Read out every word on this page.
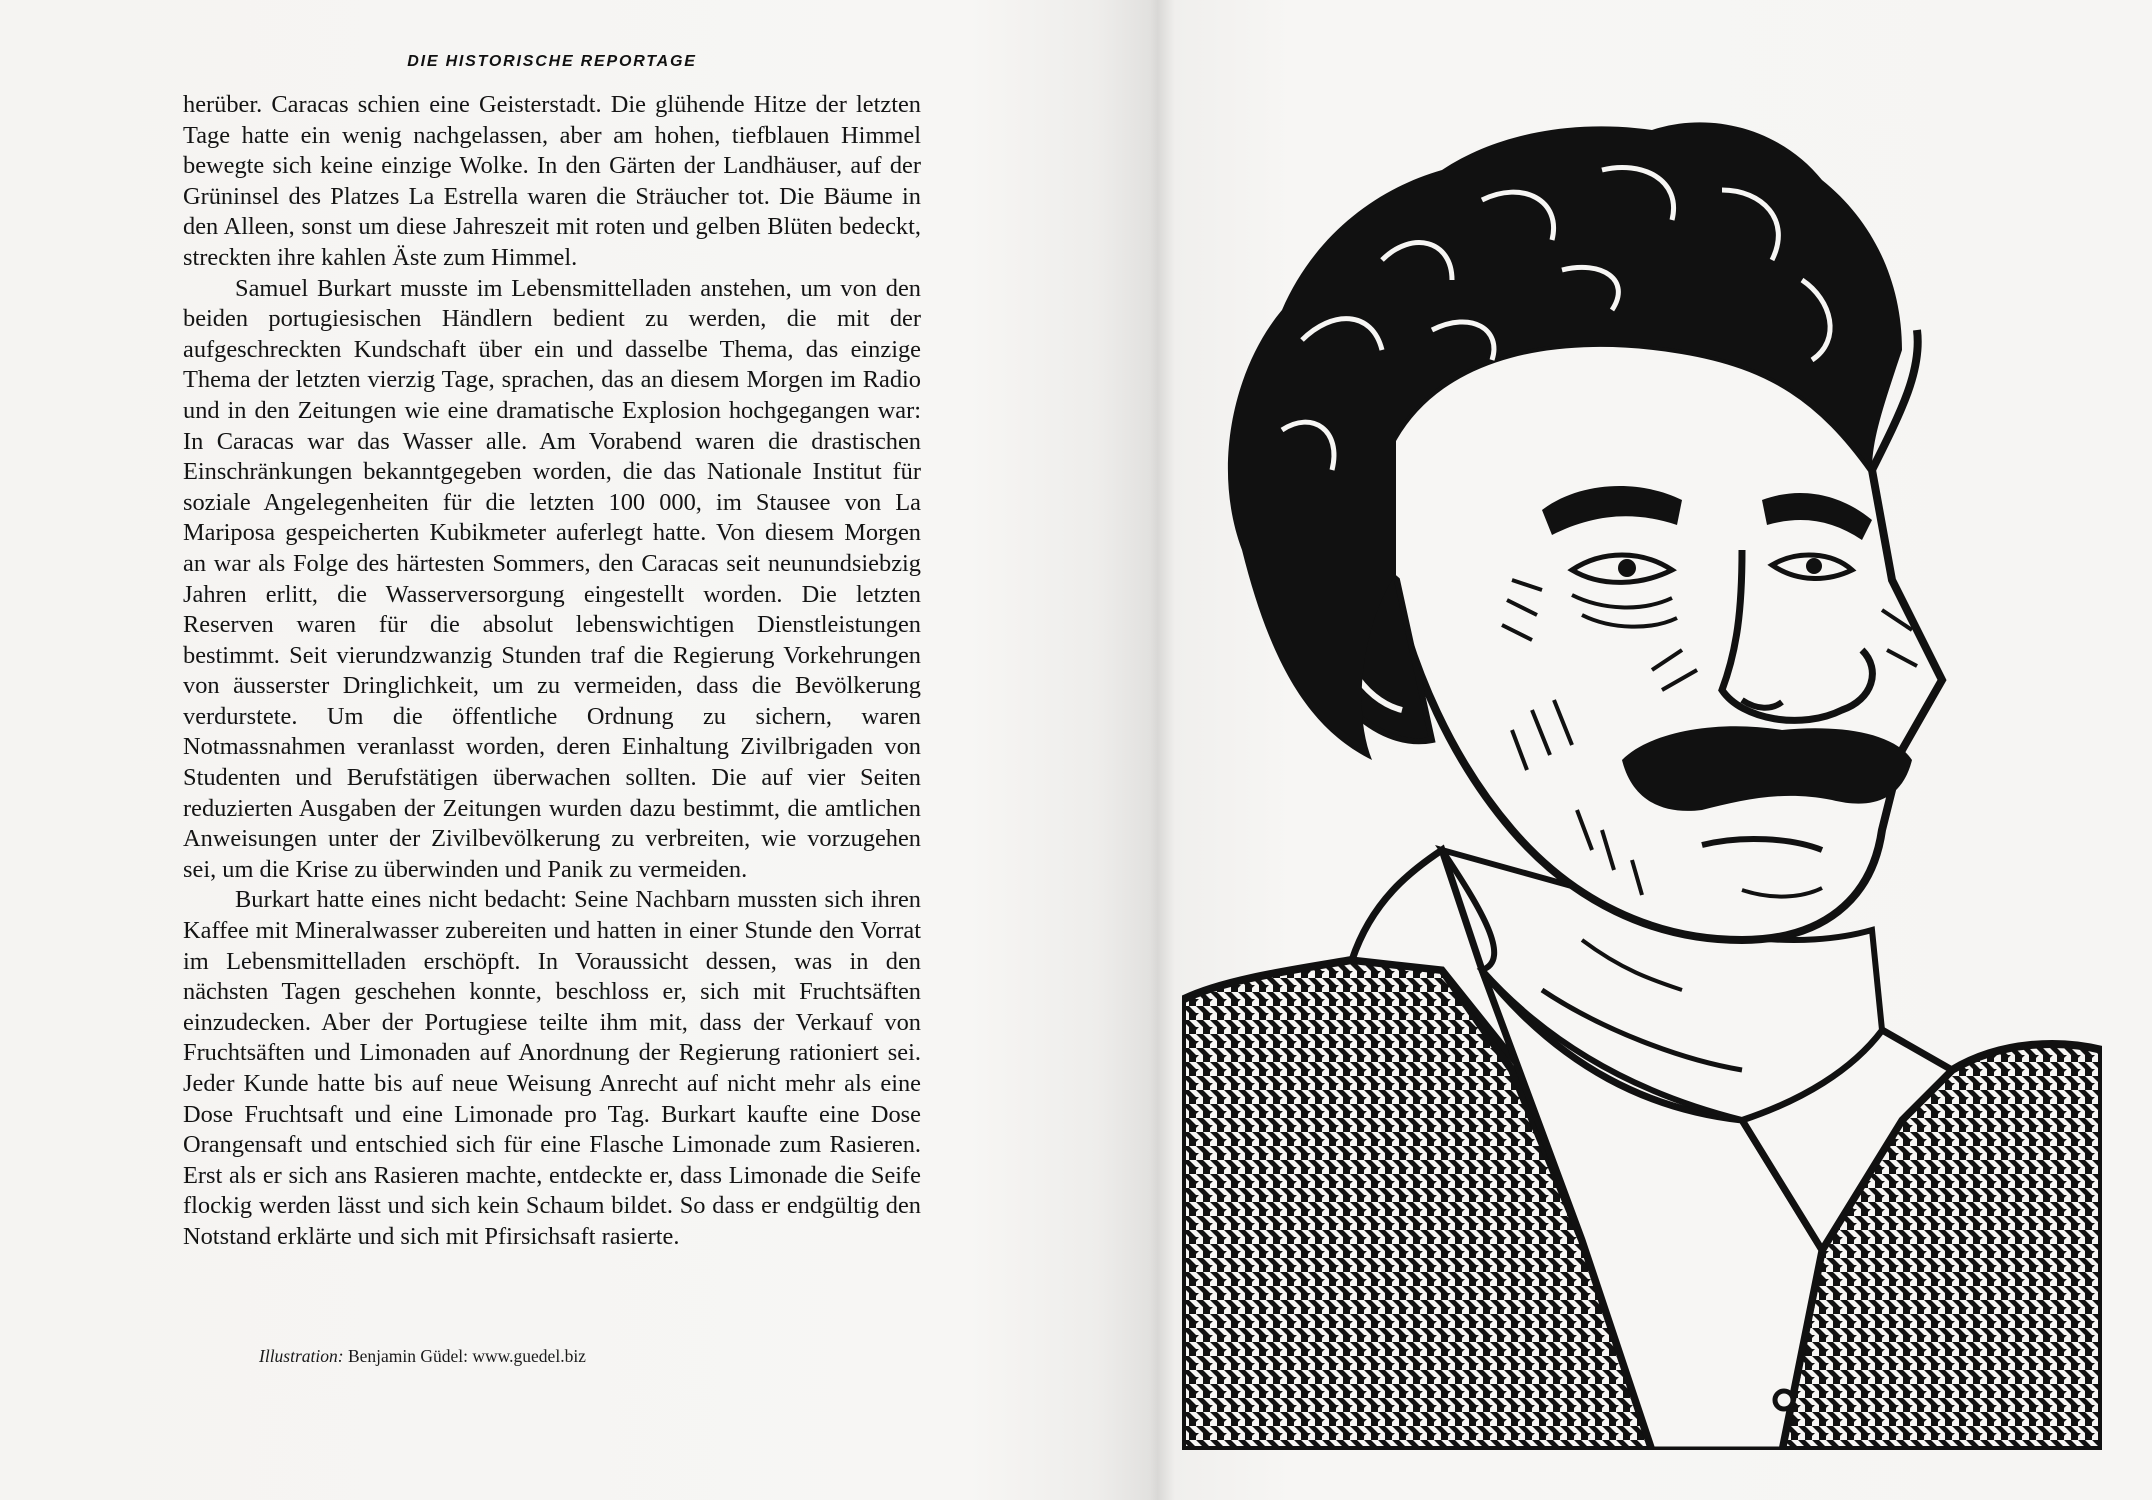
DIE HISTORISCHE REPORTAGE

herüber. Caracas schien eine Geisterstadt. Die glühende Hitze der letzten Tage hatte ein wenig nachgelassen, aber am hohen, tiefblauen Himmel bewegte sich keine einzige Wolke. In den Gärten der Landhäuser, auf der Grüninsel des Platzes La Estrella waren die Sträucher tot. Die Bäume in den Alleen, sonst um diese Jahreszeit mit roten und gelben Blüten bedeckt, streckten ihre kahlen Äste zum Himmel.

Samuel Burkart musste im Lebensmittelladen anstehen, um von den beiden portugiesischen Händlern bedient zu werden, die mit der aufgeschreckten Kundschaft über ein und dasselbe Thema, das einzige Thema der letzten vierzig Tage, sprachen, das an diesem Morgen im Radio und in den Zeitungen wie eine dramatische Explosion hochgegangen war: In Caracas war das Wasser alle. Am Vorabend waren die drastischen Einschränkungen bekanntgegeben worden, die das Nationale Institut für soziale Angelegenheiten für die letzten 100 000, im Stausee von La Mariposa gespeicherten Kubikmeter auferlegt hatte. Von diesem Morgen an war als Folge des härtesten Sommers, den Caracas seit neunundsiebzig Jahren erlitt, die Wasserversorgung eingestellt worden. Die letzten Reserven waren für die absolut lebenswichtigen Dienstleistungen bestimmt. Seit vierundzwanzig Stunden traf die Regierung Vorkehrungen von äusserster Dringlichkeit, um zu vermeiden, dass die Bevölkerung verdurstete. Um die öffentliche Ordnung zu sichern, waren Notmassnahmen veranlasst worden, deren Einhaltung Zivilbrigaden von Studenten und Berufstätigen überwachen sollten. Die auf vier Seiten reduzierten Ausgaben der Zeitungen wurden dazu bestimmt, die amtlichen Anweisungen unter der Zivilbevölkerung zu verbreiten, wie vorzugehen sei, um die Krise zu überwinden und Panik zu vermeiden.

Burkart hatte eines nicht bedacht: Seine Nachbarn mussten sich ihren Kaffee mit Mineralwasser zubereiten und hatten in einer Stunde den Vorrat im Lebensmittelladen erschöpft. In Voraussicht dessen, was in den nächsten Tagen geschehen konnte, beschloss er, sich mit Fruchtsäften einzudecken. Aber der Portugiese teilte ihm mit, dass der Verkauf von Fruchtsäften und Limonaden auf Anordnung der Regierung rationiert sei. Jeder Kunde hatte bis auf neue Weisung Anrecht auf nicht mehr als eine Dose Fruchtsaft und eine Limonade pro Tag. Burkart kaufte eine Dose Orangensaft und entschied sich für eine Flasche Limonade zum Rasieren. Erst als er sich ans Rasieren machte, entdeckte er, dass Limonade die Seife flockig werden lässt und sich kein Schaum bildet. So dass er endgültig den Notstand erklärte und sich mit Pfirsichsaft rasierte.

Illustration: Benjamin Güdel: www.guedel.biz
